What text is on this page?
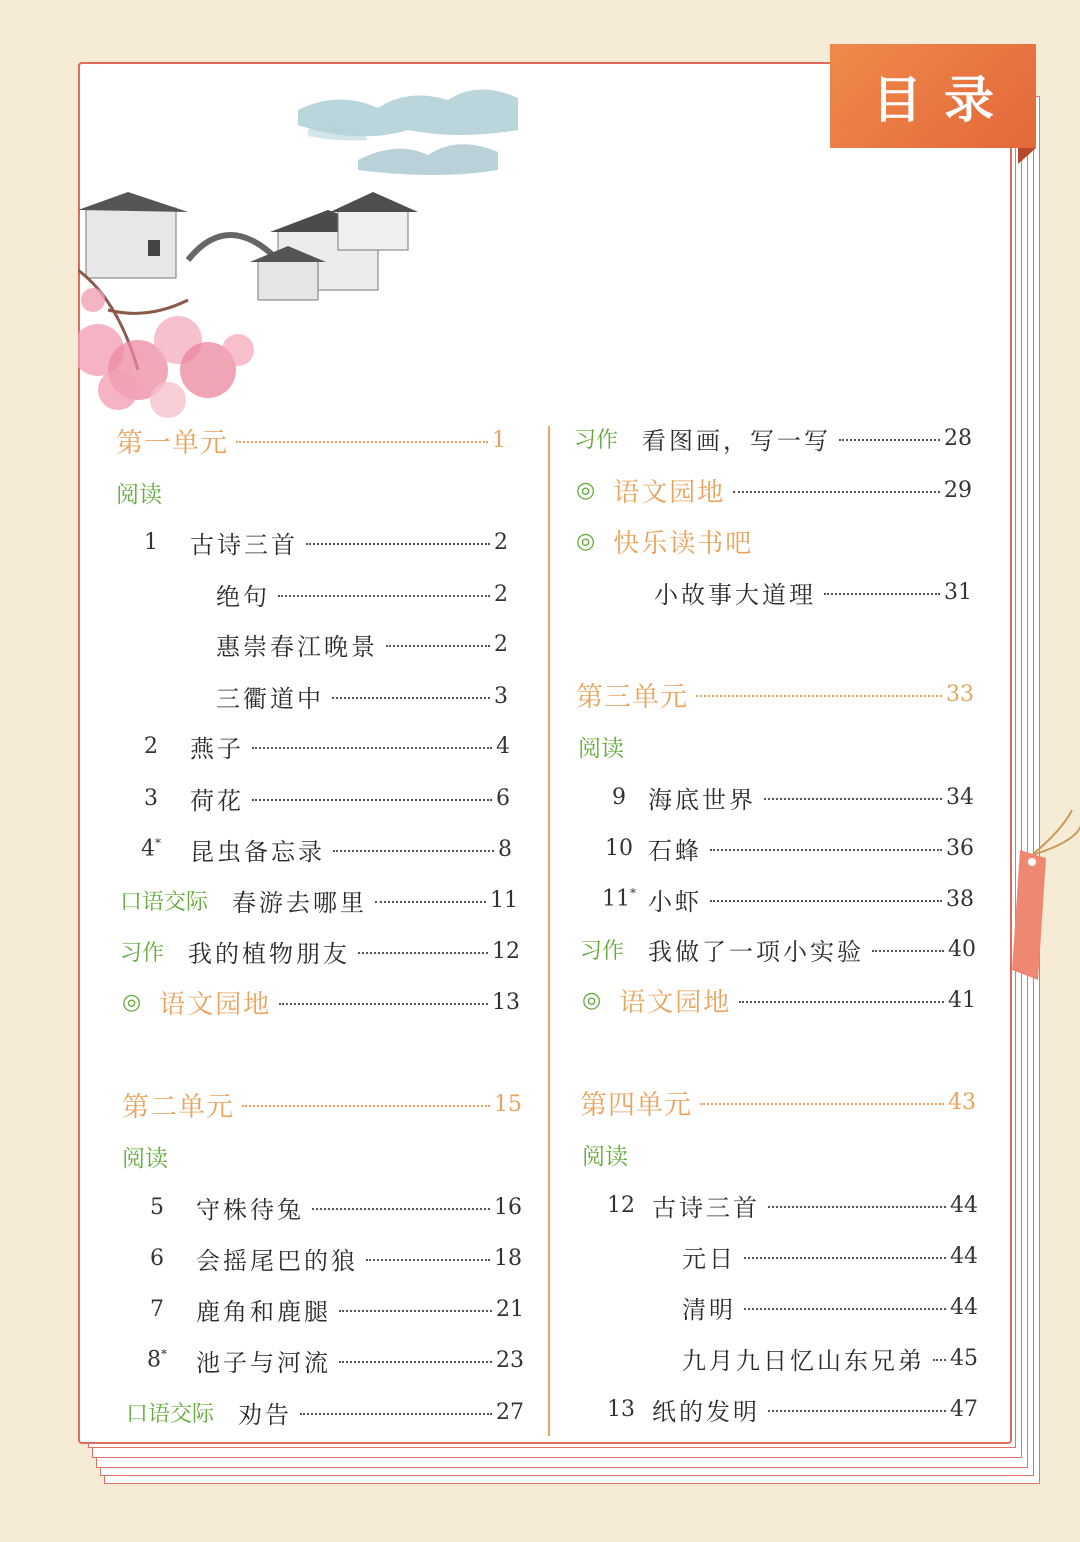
目录
第一单元	1
阅读
1	古诗三首	2
绝句	2
惠崇春江晚景	2
三衢道中	3
2	燕子	4
3	荷花	6
4* 昆虫备忘录	8
口语交际 春游去哪里	11
习作 我的植物朋友	12
◎ 语文园地	13
第二单元	15
阅读
5	守株待兔	16
6	会摇尾巴的狼	18
7	鹿角和鹿腿	21
8* 池子与河流	23
口语交际 劝告	27
习作 看图画，写一写	28
◎ 语文园地	29
◎ 快乐读书吧
小故事大道理	31
第三单元	33
阅读
9 海底世界	34
10 石蜂	36
11* 小虾	38
习作 我做了一项小实验	40
◎ 语文园地	41
第四单元	43
阅读
12 古诗三首	44
元日	44
清明	44
九月九日忆山东兄弟 45
13 纸的发明	47
